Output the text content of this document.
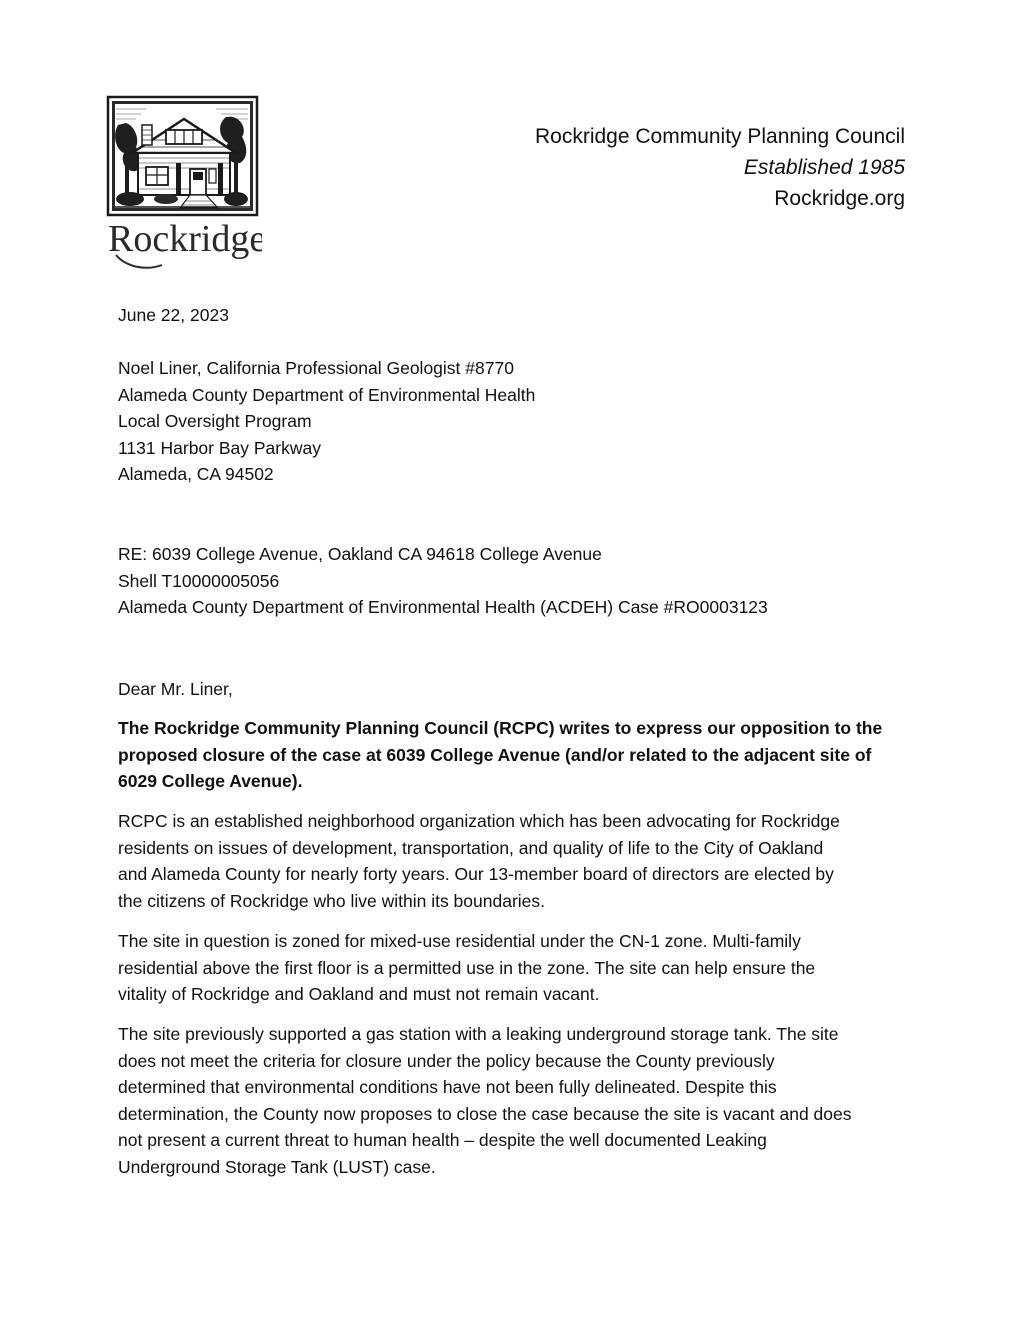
Rockridge
Rockridge Community Planning Council
Established 1985
Rockridge.org
June 22, 2023
Noel Liner, California Professional Geologist #8770
Alameda County Department of Environmental Health
Local Oversight Program
1131 Harbor Bay Parkway
Alameda, CA 94502
RE: 6039 College Avenue, Oakland CA 94618 College Avenue
Shell T10000005056
Alameda County Department of Environmental Health (ACDEH) Case #RO0003123
Dear Mr. Liner,
The Rockridge Community Planning Council (RCPC) writes to express our opposition to the
proposed closure of the case at 6039 College Avenue (and/or related to the adjacent site of
6029 College Avenue).
RCPC is an established neighborhood organization which has been advocating for Rockridge
residents on issues of development, transportation, and quality of life to the City of Oakland
and Alameda County for nearly forty years. Our 13-member board of directors are elected by
the citizens of Rockridge who live within its boundaries.
The site in question is zoned for mixed-use residential under the CN-1 zone. Multi-family
residential above the first floor is a permitted use in the zone. The site can help ensure the
vitality of Rockridge and Oakland and must not remain vacant.
The site previously supported a gas station with a leaking underground storage tank. The site
does not meet the criteria for closure under the policy because the County previously
determined that environmental conditions have not been fully delineated. Despite this
determination, the County now proposes to close the case because the site is vacant and does
not present a current threat to human health – despite the well documented Leaking
Underground Storage Tank (LUST) case.
